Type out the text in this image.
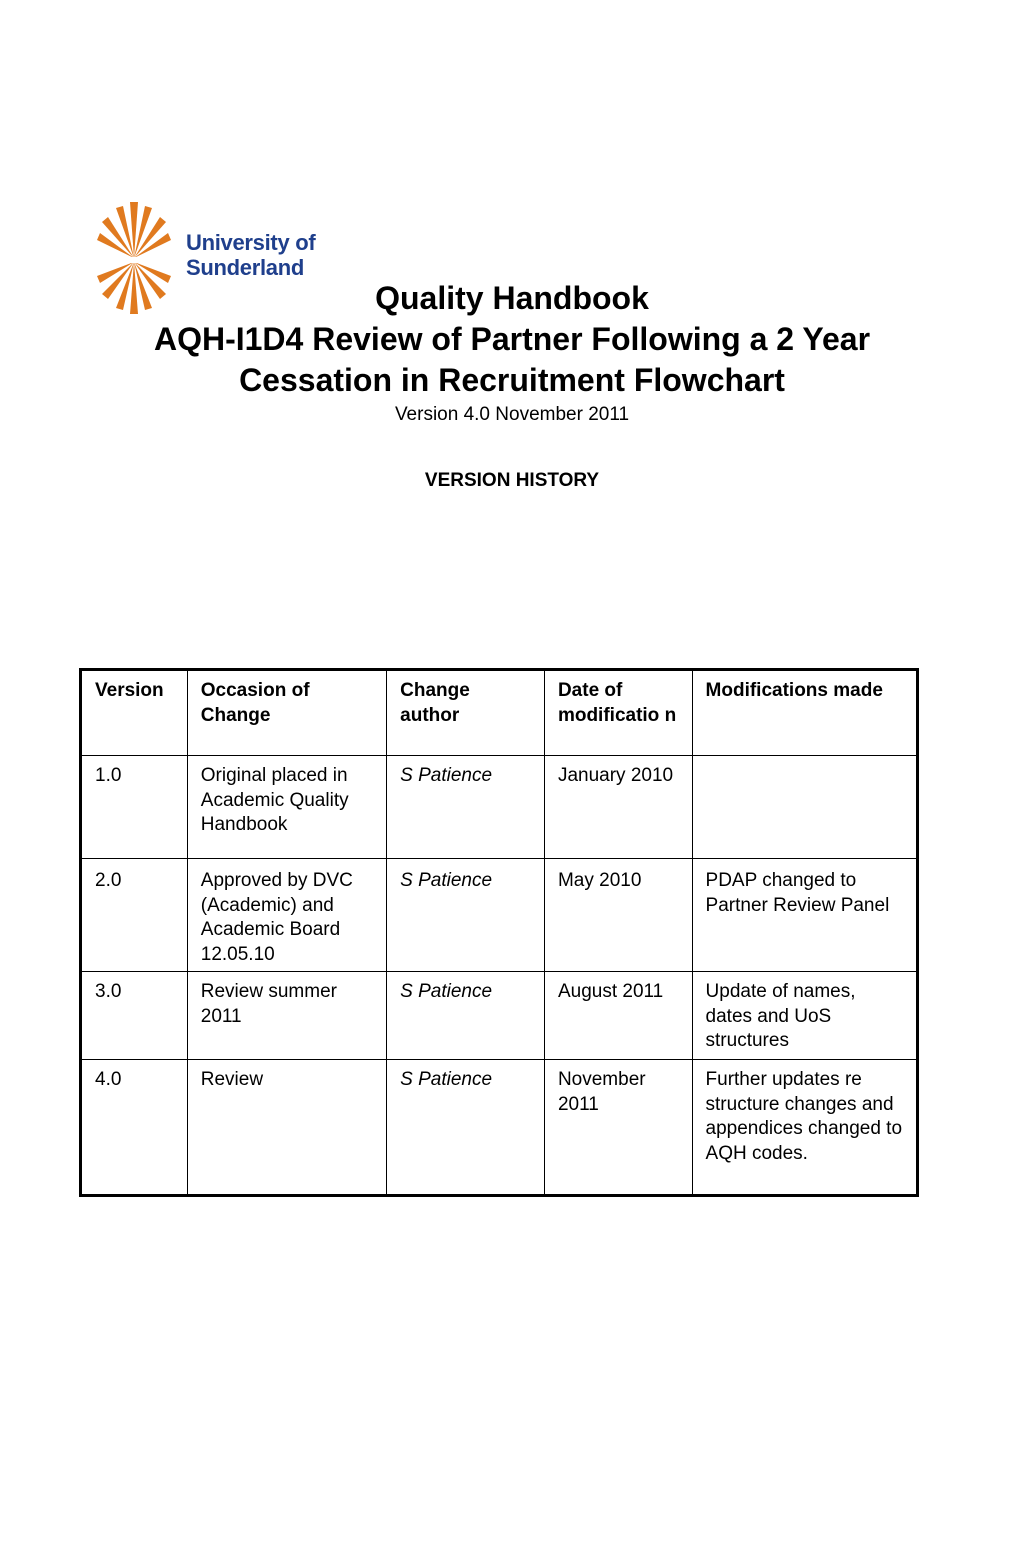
University of
Sunderland
Quality Handbook
AQH-I1D4 Review of Partner Following a 2 Year
Cessation in Recruitment Flowchart
Version 4.0 November 2011
VERSION HISTORY
Version	Occasion of Change	Change author	Date of modificatio n	Modifications made
1.0	Original placed in Academic Quality Handbook	S Patience	January 2010	
2.0	Approved by DVC (Academic) and Academic Board 12.05.10	S Patience	May 2010	PDAP changed to Partner Review Panel
3.0	Review summer 2011	S Patience	August 2011	Update of names, dates and UoS structures
4.0	Review	S Patience	November 2011	Further updates re structure changes and appendices changed to AQH codes.
